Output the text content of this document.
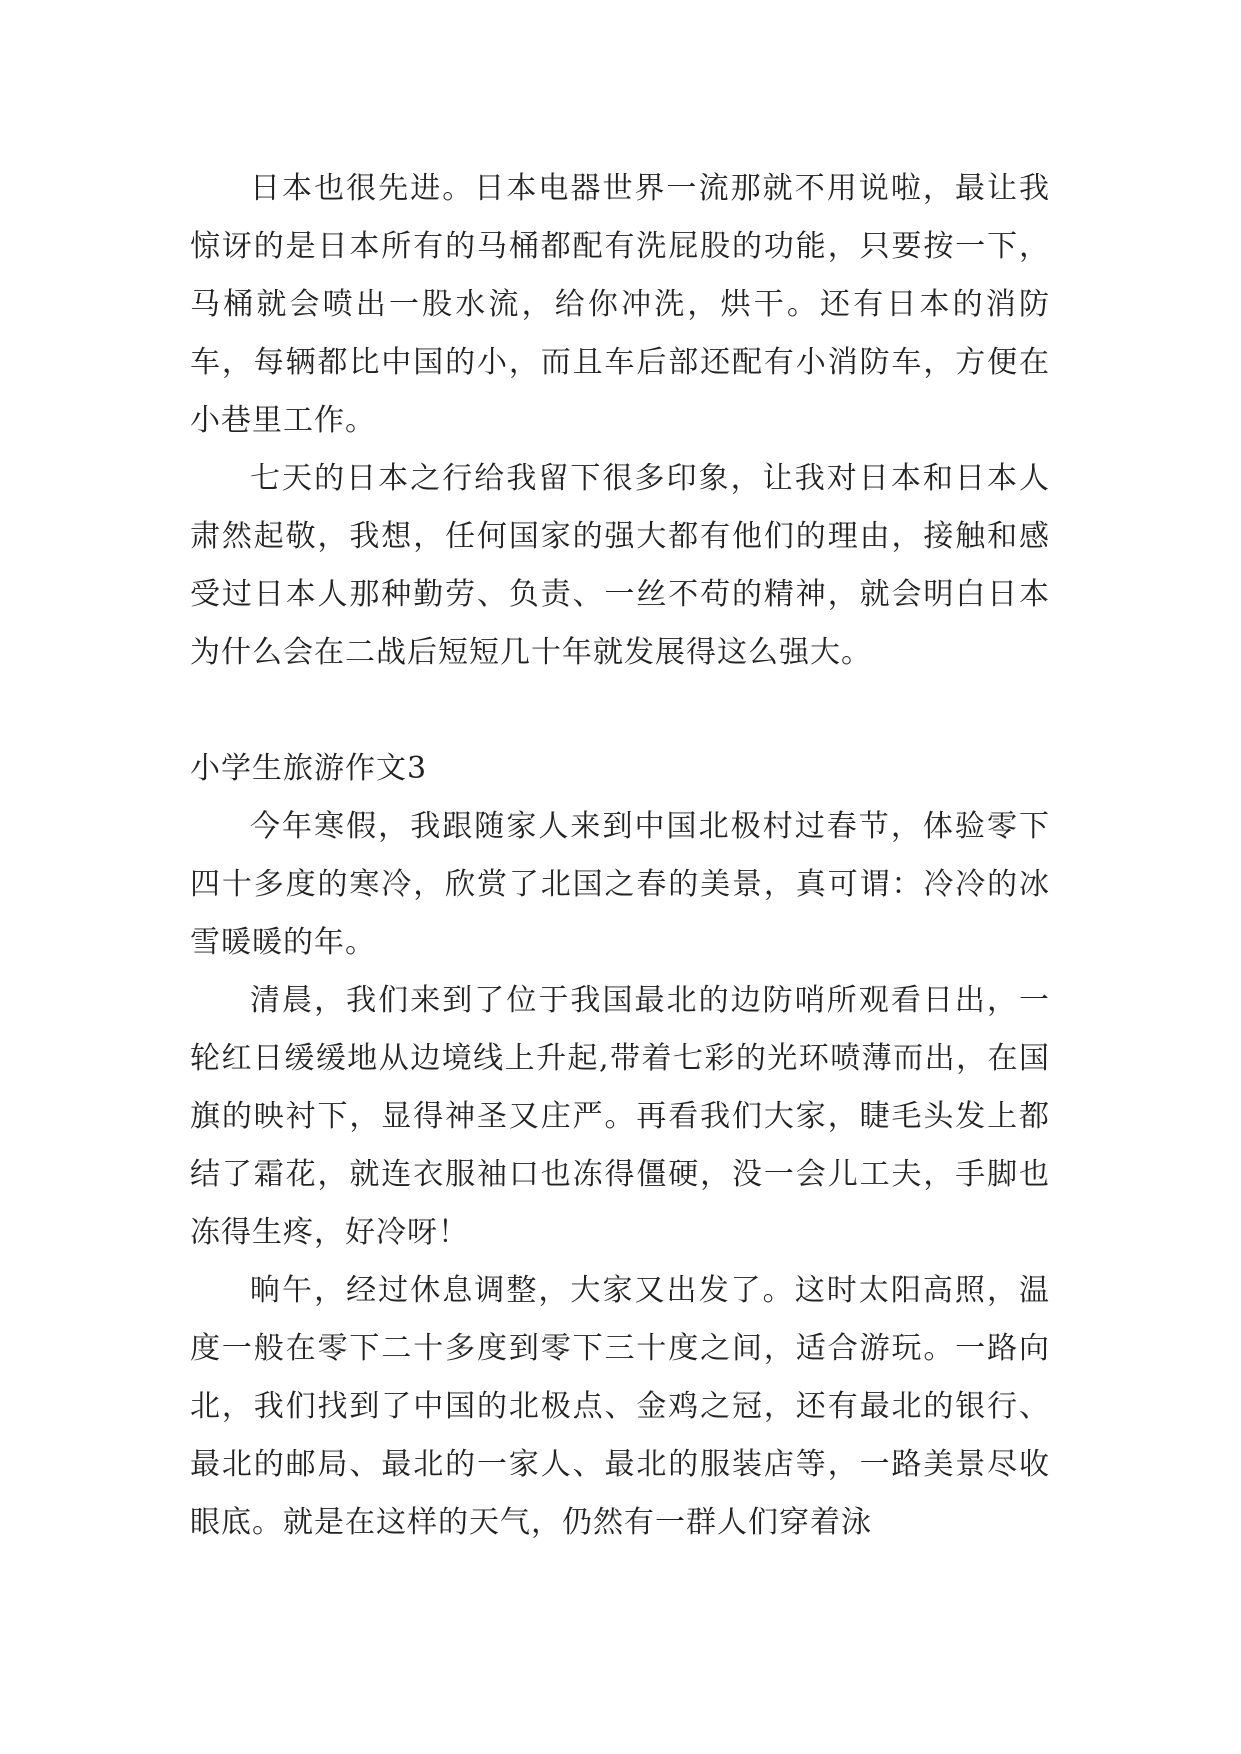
日本也很先进。日本电器世界一流那就不用说啦，最让我惊讶的是日本所有的马桶都配有洗屁股的功能，只要按一下，马桶就会喷出一股水流，给你冲洗，烘干。还有日本的消防车，每辆都比中国的小，而且车后部还配有小消防车，方便在小巷里工作。

七天的日本之行给我留下很多印象，让我对日本和日本人肃然起敬，我想，任何国家的强大都有他们的理由，接触和感受过日本人那种勤劳、负责、一丝不苟的精神，就会明白日本为什么会在二战后短短几十年就发展得这么强大。

小学生旅游作文3

今年寒假，我跟随家人来到中国北极村过春节，体验零下四十多度的寒冷，欣赏了北国之春的美景，真可谓：冷冷的冰雪暖暖的年。

清晨，我们来到了位于我国最北的边防哨所观看日出，一轮红日缓缓地从边境线上升起,带着七彩的光环喷薄而出，在国旗的映衬下，显得神圣又庄严。再看我们大家，睫毛头发上都结了霜花，就连衣服袖口也冻得僵硬，没一会儿工夫，手脚也冻得生疼，好冷呀！

晌午，经过休息调整，大家又出发了。这时太阳高照，温度一般在零下二十多度到零下三十度之间，适合游玩。一路向北，我们找到了中国的北极点、金鸡之冠，还有最北的银行、最北的邮局、最北的一家人、最北的服装店等，一路美景尽收眼底。就是在这样的天气，仍然有一群人们穿着泳
